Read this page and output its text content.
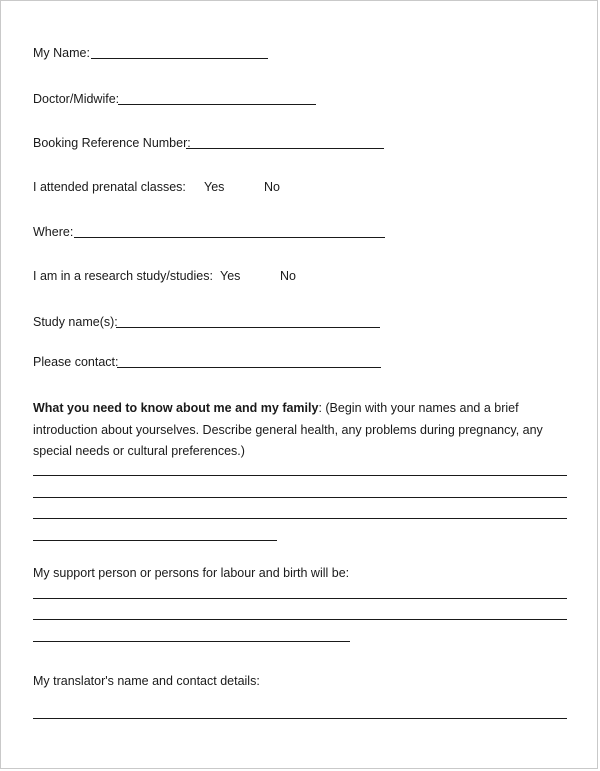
My Name:
Doctor/Midwife:
Booking Reference Number:
I attended prenatal classes: Yes	No
Where:
I am in a research study/studies: Yes	No
Study name(s):
Please contact:
What you need to know about me and my family: (Begin with your names and a brief introduction about yourselves. Describe general health, any problems during pregnancy, any special needs or cultural preferences.)
My support person or persons for labour and birth will be:
My translator's name and contact details:
